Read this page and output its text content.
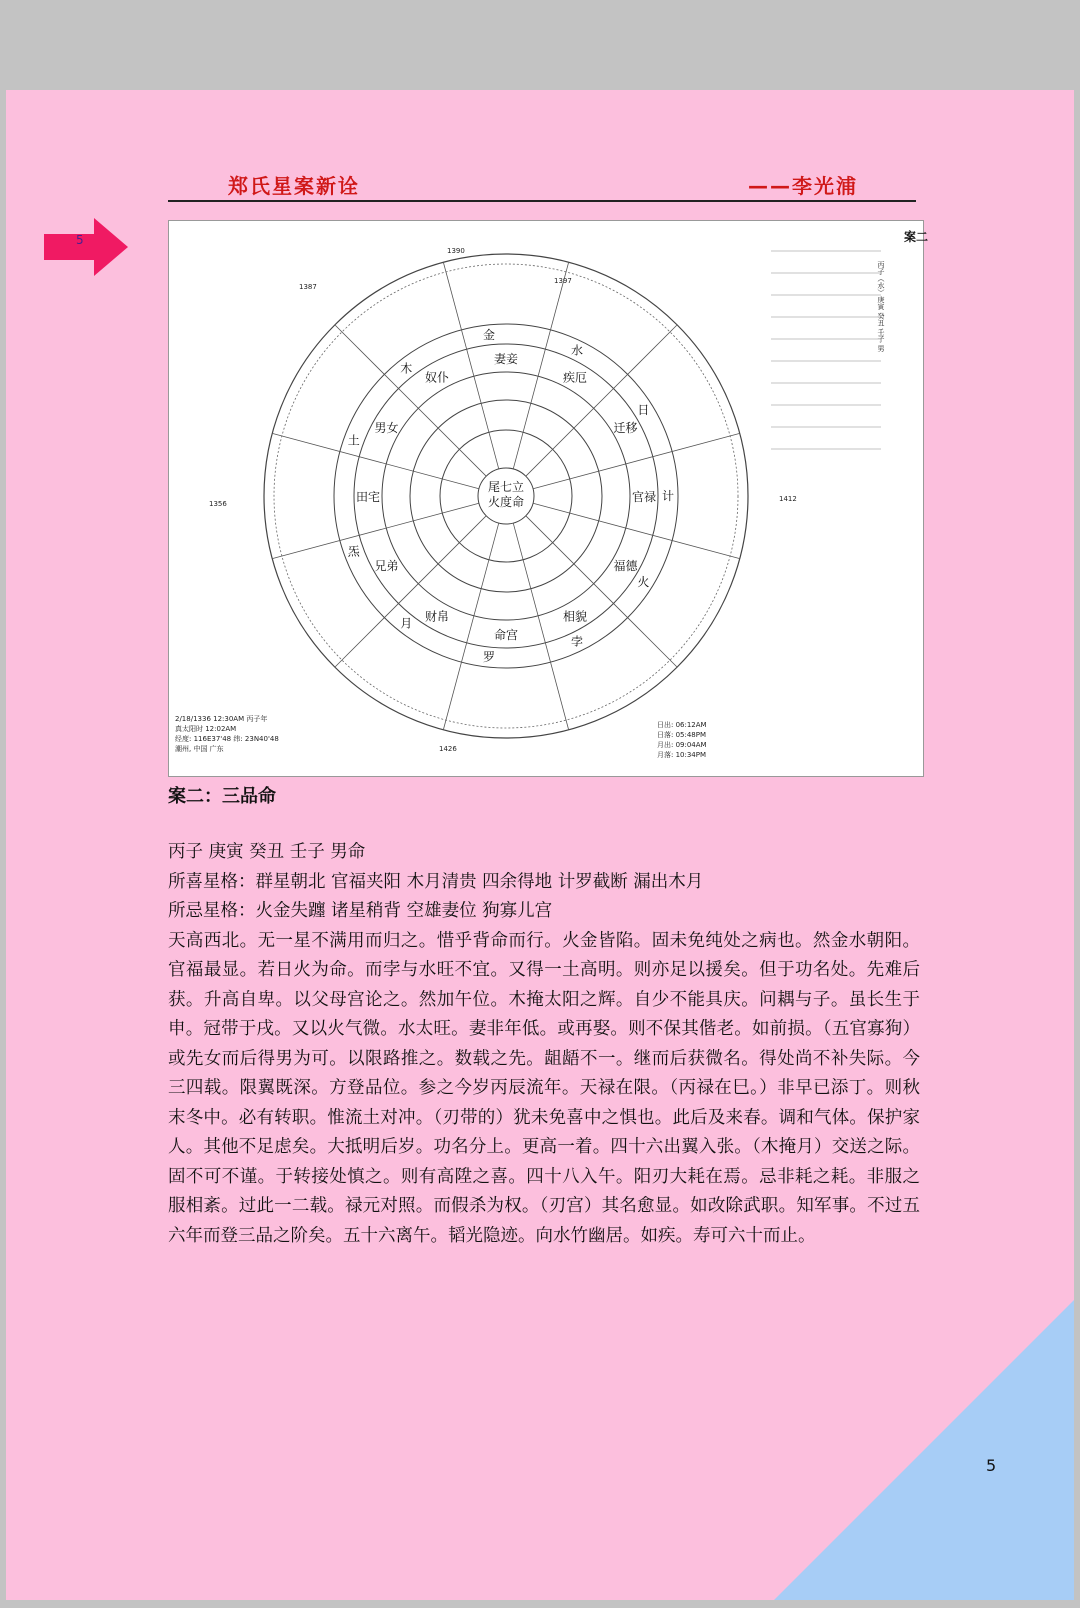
郑氏星案新诠	——李光浦
5
命宫
财帛
兄弟
田宅
男女
奴仆
妻妾
疾厄
迁移
官禄
福德
相貌
土
木
金
水
日
计
火
孛
罗
月
炁
尾七立
火度命
1390
1426
1356
1412
1387
1397
案二
丙子（水）庚寅 癸丑 壬子 男
2/18/1336 12:30AM 丙子年
真太阳时 12:02AM
经度: 116E37'48 纬: 23N40'48
潮州, 中国 广东
日出: 06:12AM
日落: 05:48PM
月出: 09:04AM
月落: 10:34PM
案二：三品命

丙子 庚寅 癸丑 壬子 男命

所喜星格：群星朝北 官福夹阳 木月清贵 四余得地 计罗截断 漏出木月

所忌星格：火金失躔 诸星稍背 空雄妻位 狗寡儿宫

天高西北。无一星不满用而归之。惜乎背命而行。火金皆陷。固未免纯处之病也。然金水朝阳。官福最显。若日火为命。而孛与水旺不宜。又得一土高明。则亦足以援矣。但于功名处。先难后获。升高自卑。以父母宫论之。然加午位。木掩太阳之辉。自少不能具庆。问耦与子。虽长生于申。冠带于戌。又以火气微。水太旺。妻非年低。或再娶。则不保其偕老。如前损。（五官寡狗）或先女而后得男为可。以限路推之。数载之先。龃龉不一。继而后获微名。得处尚不补失际。今三四载。限翼既深。方登品位。参之今岁丙辰流年。天禄在限。（丙禄在巳。）非早已添丁。则秋末冬中。必有转职。惟流土对冲。（刃带的）犹未免喜中之惧也。此后及来春。调和气体。保护家人。其他不足虑矣。大抵明后岁。功名分上。更高一着。四十六出翼入张。（木掩月）交送之际。固不可不谨。于转接处慎之。则有高陞之喜。四十八入午。阳刃大耗在焉。忌非耗之耗。非服之服相紊。过此一二载。禄元对照。而假杀为权。（刃宫）其名愈显。如改除武职。知军事。不过五六年而登三品之阶矣。五十六离午。韬光隐迹。向水竹幽居。如疾。寿可六十而止。

5
